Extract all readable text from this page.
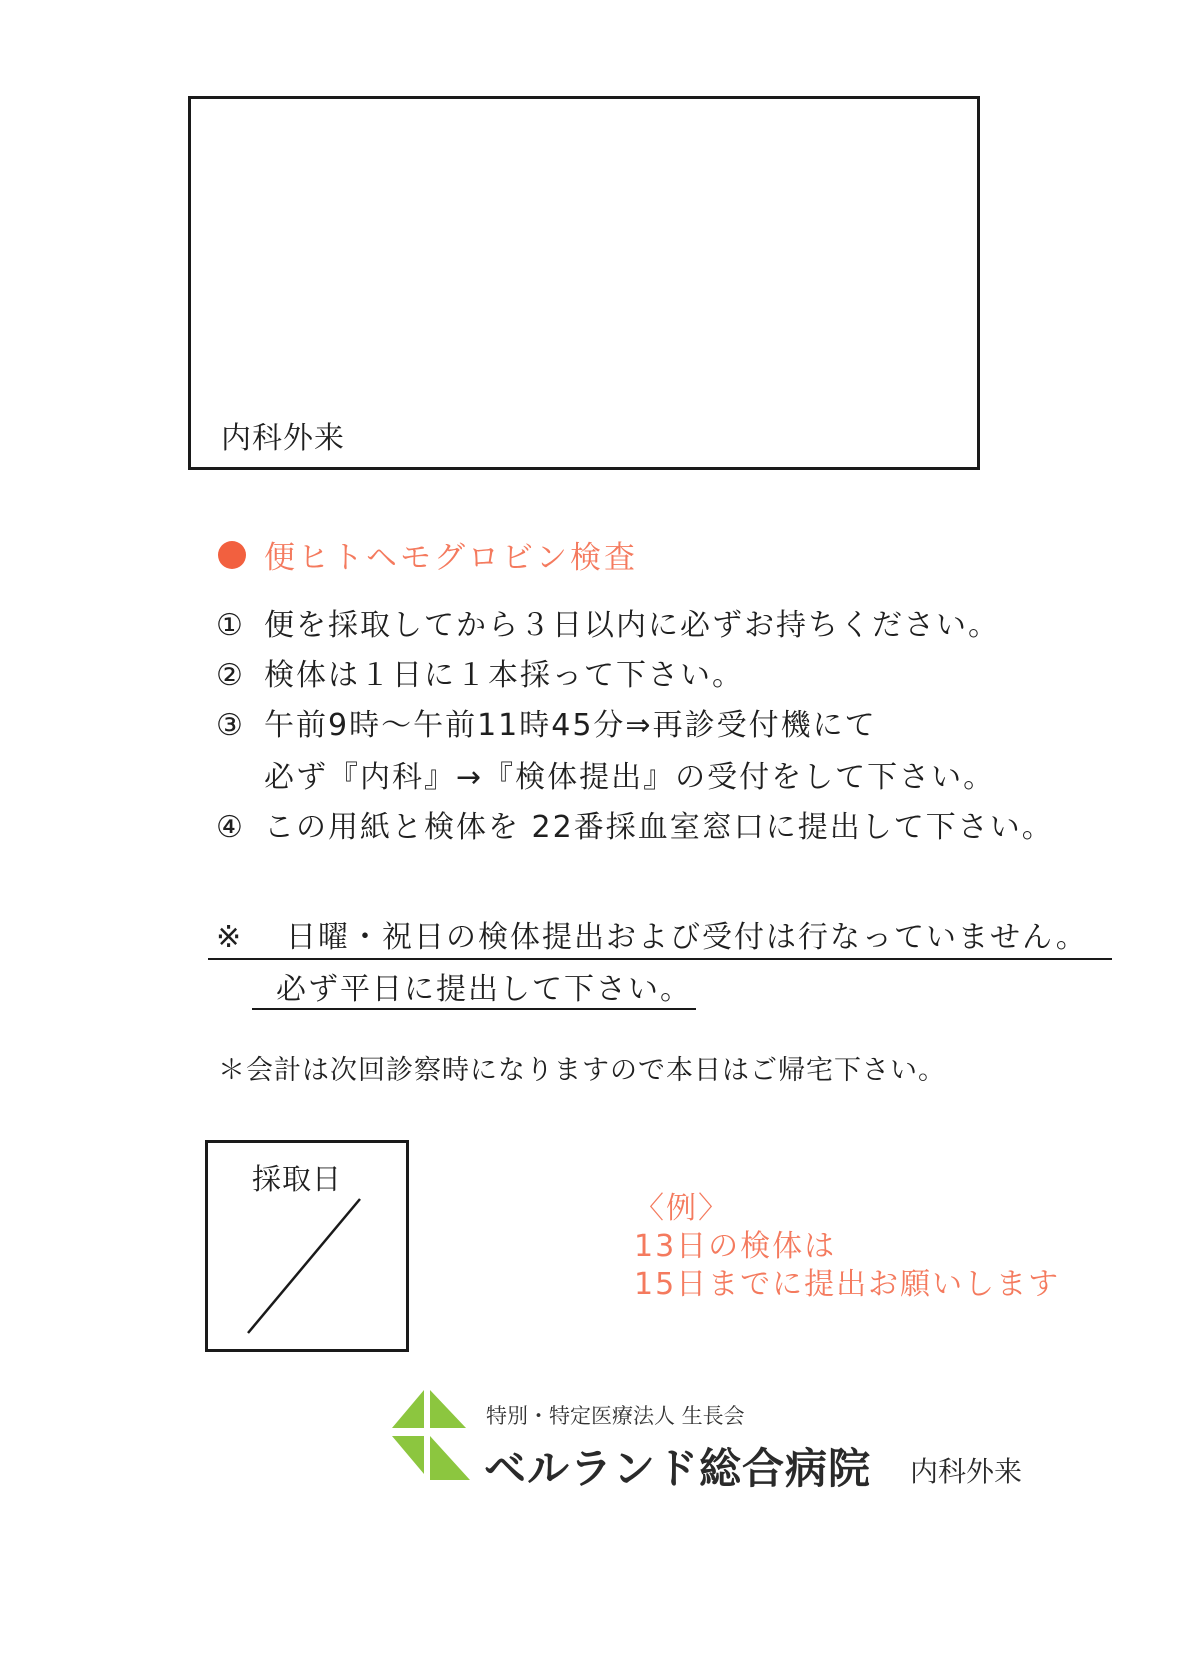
内科外来
便ヒトヘモグロビン検査
① 便を採取してから３日以内に必ずお持ちください。
② 検体は１日に１本採って下さい。
③ 午前9時～午前11時45分⇒再診受付機にて
必ず『内科』→『検体提出』の受付をして下さい。
④ この用紙と検体を 22番採血室窓口に提出して下さい。
※ 日曜・祝日の検体提出および受付は行なっていません。
必ず平日に提出して下さい。
＊会計は次回診察時になりますので本日はご帰宅下さい。
採取日
〈例〉
13日の検体は
15日までに提出お願いします
特別・特定医療法人 生長会
ベルランド総合病院 内科外来
